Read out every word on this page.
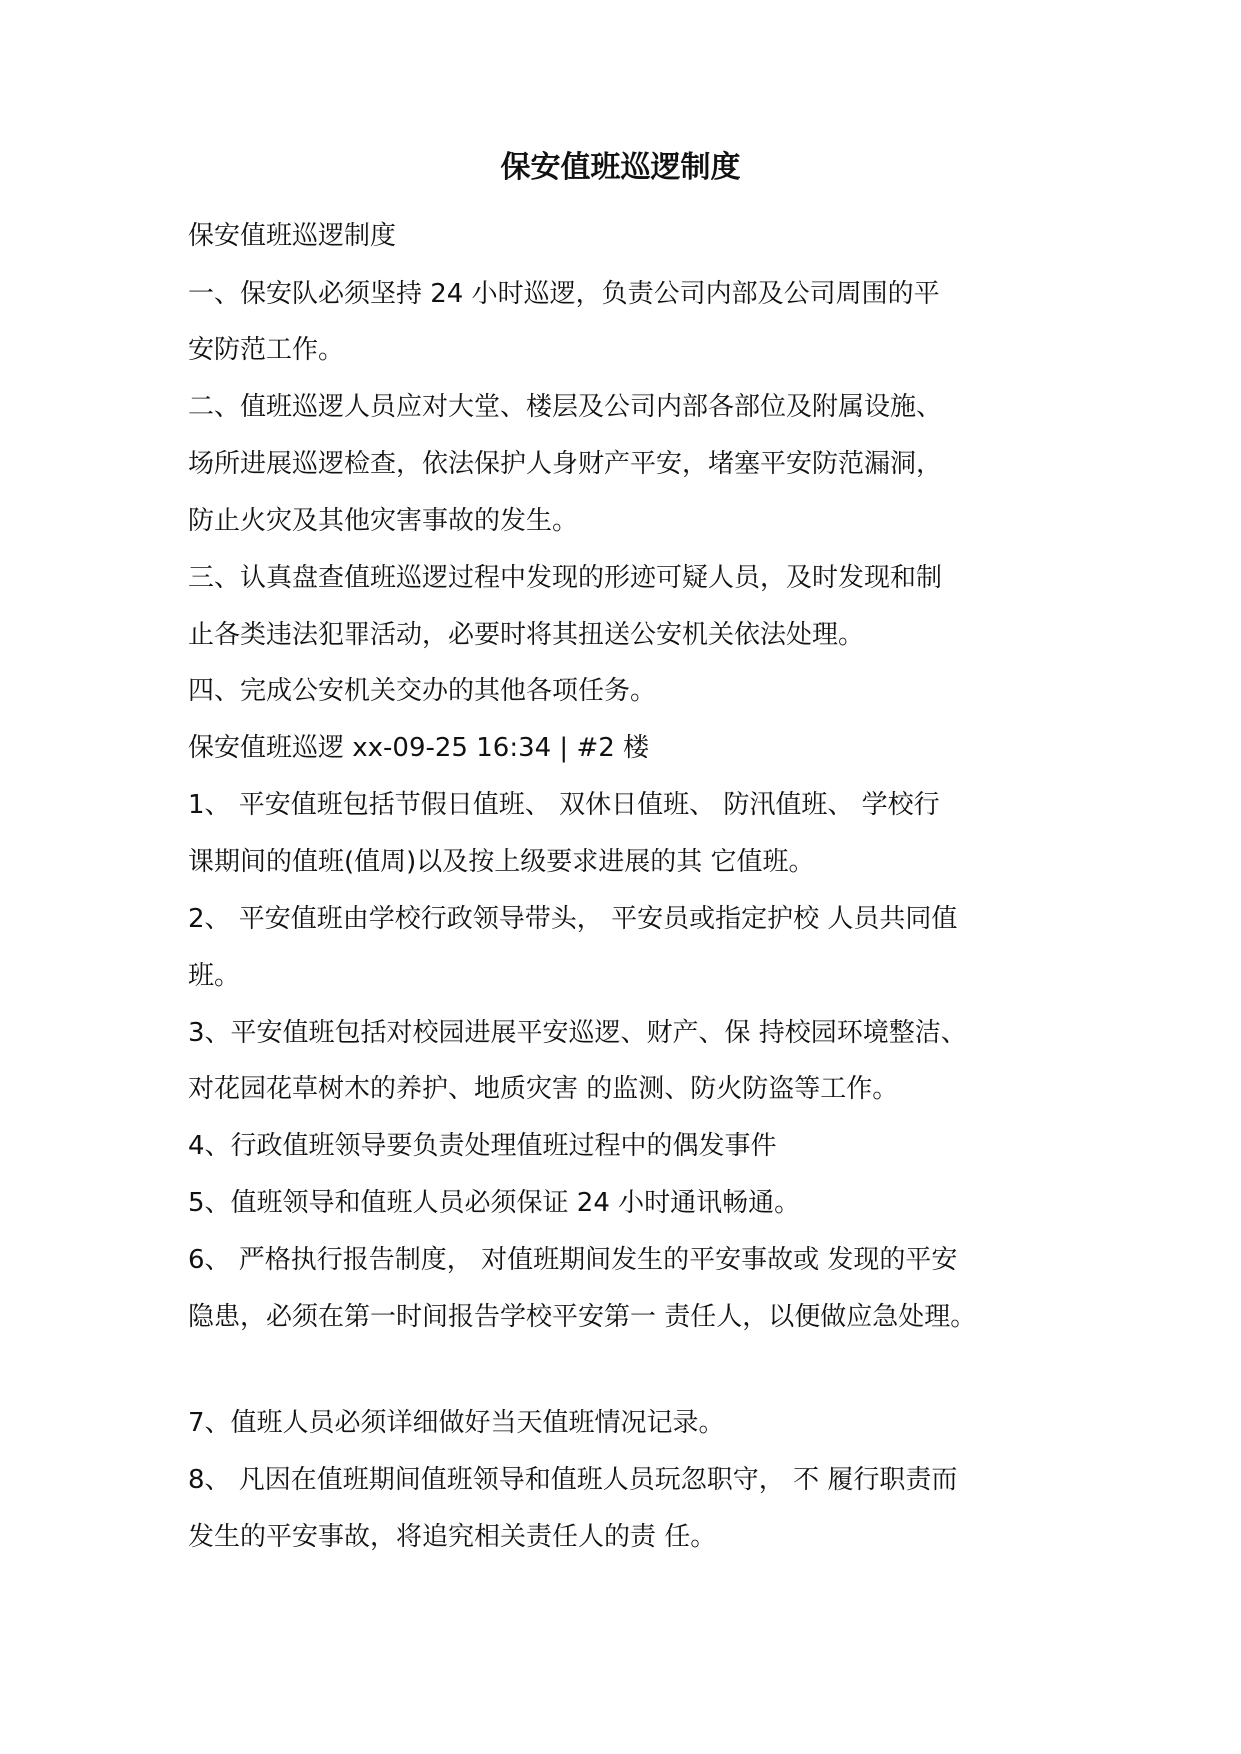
保安值班巡逻制度

保安值班巡逻制度

一、保安队必须坚持 24 小时巡逻，负责公司内部及公司周围的平

安防范工作。

二、值班巡逻人员应对大堂、楼层及公司内部各部位及附属设施、

场所进展巡逻检查，依法保护人身财产平安，堵塞平安防范漏洞，

防止火灾及其他灾害事故的发生。

三、认真盘查值班巡逻过程中发现的形迹可疑人员，及时发现和制

止各类违法犯罪活动，必要时将其扭送公安机关依法处理。

四、完成公安机关交办的其他各项任务。

保安值班巡逻 xx-09-25 16:34 | #2 楼

1、 平安值班包括节假日值班、 双休日值班、 防汛值班、 学校行

课期间的值班(值周)以及按上级要求进展的其 它值班。

2、 平安值班由学校行政领导带头， 平安员或指定护校 人员共同值

班。

3、平安值班包括对校园进展平安巡逻、财产、保 持校园环境整洁、

对花园花草树木的养护、地质灾害 的监测、防火防盗等工作。

4、行政值班领导要负责处理值班过程中的偶发事件

5、值班领导和值班人员必须保证 24 小时通讯畅通。

6、 严格执行报告制度， 对值班期间发生的平安事故或 发现的平安

隐患，必须在第一时间报告学校平安第一 责任人，以便做应急处理。

7、值班人员必须详细做好当天值班情况记录。

8、 凡因在值班期间值班领导和值班人员玩忽职守， 不 履行职责而

发生的平安事故，将追究相关责任人的责 任。
